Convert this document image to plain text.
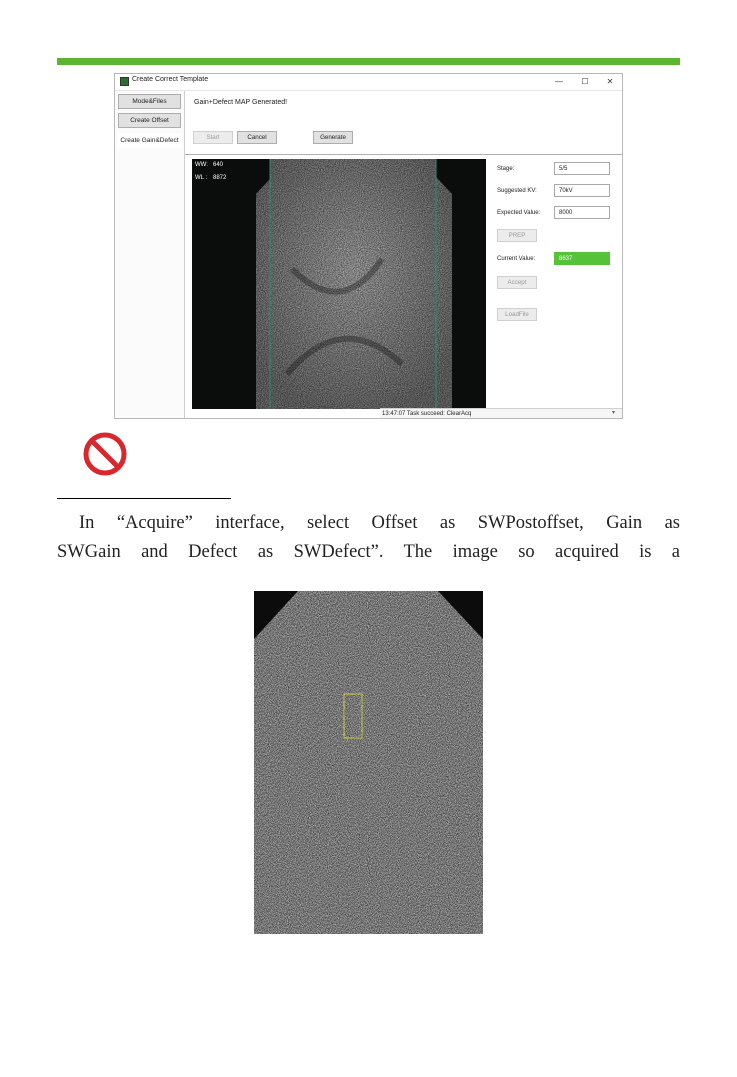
Create Correct Template	—	☐	✕
Mode&Files
Create Offset
Create Gain&Defect
Gain+Defect MAP Generated!
Start	Cancel	Generate
WW: 640
WL : 8872
Stage:	5/5
Suggested KV:	70kV
Expected Value:	8000
PREP
Current Value:	8637
Accept
LoadFile
13:47:07 Task succeed: ClearAcq	▾
In “Acquire” interface, select Offset as SWPostoffset, Gain as
SWGain and Defect as SWDefect”. The image so acquired is a
